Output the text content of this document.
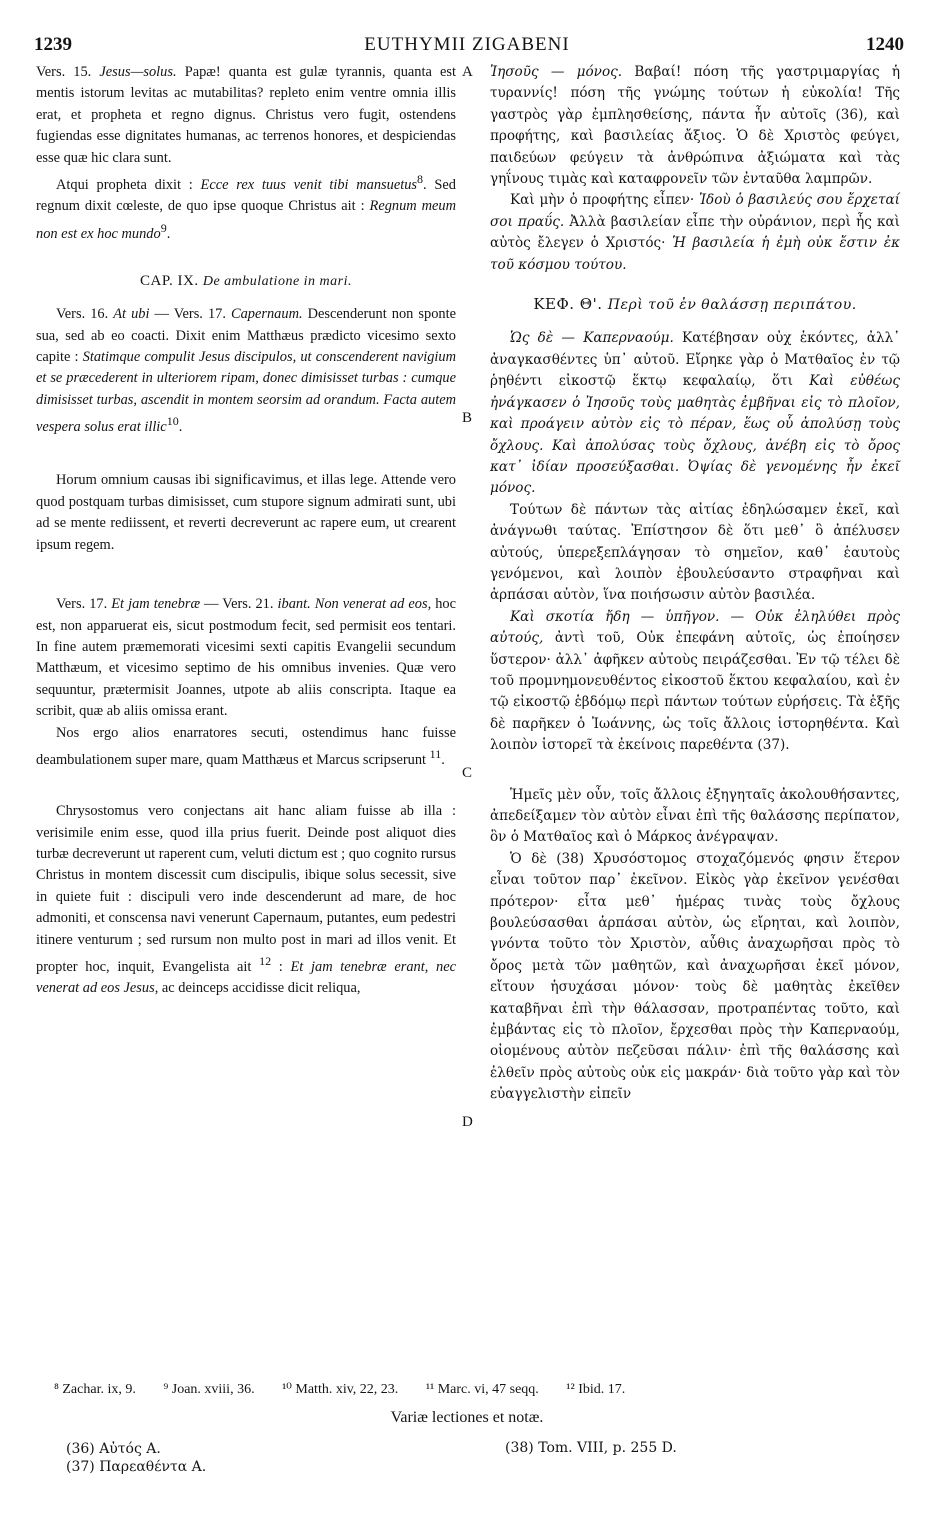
1239	EUTHYMII ZIGABENI	1240
A
B
C
D

Vers. 15. Jesus—solus. Papæ! quanta est gulæ tyrannis, quanta est mentis istorum levitas ac mutabilitas? repleto enim ventre omnia illis erat, et propheta et regno dignus. Christus vero fugit, ostendens fugiendas esse dignitates humanas, ac terrenos honores, et despiciendas esse quæ hic clara sunt.

Atqui propheta dixit : Ecce rex tuus venit tibi mansuetus$^8$. Sed regnum dixit cœleste, de quo ipse quoque Christus ait : Regnum meum non est ex hoc mundo$^9$.

CAP. IX. De ambulatione in mari.

Vers. 16. At ubi — Vers. 17. Capernaum. Descenderunt non sponte sua, sed ab eo coacti. Dixit enim Matthæus prædicto vicesimo sexto capite : Statimque compulit Jesus discipulos, ut conscenderent navigium et se præcederent in ulteriorem ripam, donec dimisisset turbas : cumque dimisisset turbas, ascendit in montem seorsim ad orandum. Facta autem vespera solus erat illic$^{10}$.

Horum omnium causas ibi significavimus, et illas lege. Attende vero quod postquam turbas dimisisset, cum stupore signum admirati sunt, ubi ad se mente rediissent, et reverti decreverunt ac rapere eum, ut crearent ipsum regem.

Vers. 17. Et jam tenebræ — Vers. 21. ibant. Non venerat ad eos, hoc est, non apparuerat eis, sicut postmodum fecit, sed permisit eos tentari. In fine autem præmemorati vicesimi sexti capitis Evangelii secundum Matthæum, et vicesimo septimo de his omnibus invenies. Quæ vero sequuntur, prætermisit Joannes, utpote ab aliis conscripta. Itaque ea scribit, quæ ab aliis omissa erant.

Nos ergo alios enarratores secuti, ostendimus hanc fuisse deambulationem super mare, quam Matthæus et Marcus scripserunt $^{11}$.

Chrysostomus vero conjectans ait hanc aliam fuisse ab illa : verisimile enim esse, quod illa prius fuerit. Deinde post aliquot dies turbæ decreverunt ut raperent cum, veluti dictum est ; quo cognito rursus Christus in montem discessit cum discipulis, ibique solus secessit, sive in quiete fuit : discipuli vero inde descenderunt ad mare, de hoc admoniti, et conscensa navi venerunt Capernaum, putantes, eum pedestri itinere venturum ; sed rursum non multo post in mari ad illos venit. Et propter hoc, inquit, Evangelista ait $^{12}$ : Et jam tenebræ erant, nec venerat ad eos Jesus, ac deinceps accidisse dicit reliqua,

Ἰησοῦς — μόνος. Βαβαί! πόση τῆς γαστριμαργίας ἡ τυραννίς! πόση τῆς γνώμης τούτων ἡ εὐκολία! Τῆς γαστρὸς γὰρ ἐμπλησθείσης, πάντα ἦν αὐτοῖς (36), καὶ προφήτης, καὶ βασιλείας ἄξιος. Ὁ δὲ Χριστὸς φεύγει, παιδεύων φεύγειν τὰ ἀνθρώπινα ἀξιώματα καὶ τὰς γηΐνους τιμὰς καὶ καταφρονεῖν τῶν ἐνταῦθα λαμπρῶν.

Καὶ μὴν ὁ προφήτης εἶπεν· Ἰδοὺ ὁ βασιλεύς σου ἔρχεταί σοι πραΰς. Ἀλλὰ βασιλείαν εἶπε τὴν οὐράνιον, περὶ ἧς καὶ αὐτὸς ἔλεγεν ὁ Χριστός· Ἡ βασιλεία ἡ ἐμὴ οὐκ ἔστιν ἐκ τοῦ κόσμου τούτου.

ΚΕΦ. Θ'. Περὶ τοῦ ἐν θαλάσσῃ περιπάτου.

Ὡς δὲ — Καπερναούμ. Κατέβησαν οὐχ ἑκόντες, ἀλλ᾽ ἀναγκασθέντες ὑπ᾽ αὐτοῦ. Εἴρηκε γὰρ ὁ Ματθαῖος ἐν τῷ ῥηθέντι εἰκοστῷ ἕκτῳ κεφαλαίῳ, ὅτι Καὶ εὐθέως ἠνάγκασεν ὁ Ἰησοῦς τοὺς μαθητὰς ἐμβῆναι εἰς τὸ πλοῖον, καὶ προάγειν αὐτὸν εἰς τὸ πέραν, ἕως οὗ ἀπολύσῃ τοὺς ὄχλους. Καὶ ἀπολύσας τοὺς ὄχλους, ἀνέβη εἰς τὸ ὄρος κατ᾽ ἰδίαν προσεύξασθαι. Ὀψίας δὲ γενομένης ἦν ἐκεῖ μόνος.

Τούτων δὲ πάντων τὰς αἰτίας ἐδηλώσαμεν ἐκεῖ, καὶ ἀνάγνωθι ταύτας. Ἐπίστησον δὲ ὅτι μεθ᾽ ὃ ἀπέλυσεν αὐτούς, ὑπερεξεπλάγησαν τὸ σημεῖον, καθ᾽ ἑαυτοὺς γενόμενοι, καὶ λοιπὸν ἐβουλεύσαντο στραφῆναι καὶ ἁρπάσαι αὐτὸν, ἵνα ποιήσωσιν αὐτὸν βασιλέα.

Καὶ σκοτία ἤδη — ὑπῆγον. — Οὐκ ἐληλύθει πρὸς αὐτούς, ἀντὶ τοῦ, Οὐκ ἐπεφάνη αὐτοῖς, ὡς ἐποίησεν ὕστερον· ἀλλ᾽ ἀφῆκεν αὐτοὺς πειράζεσθαι. Ἐν τῷ τέλει δὲ τοῦ προμνημονευθέντος εἰκοστοῦ ἕκτου κεφαλαίου, καὶ ἐν τῷ εἰκοστῷ ἑβδόμῳ περὶ πάντων τούτων εὑρήσεις. Τὰ ἑξῆς δὲ παρῆκεν ὁ Ἰωάννης, ὡς τοῖς ἄλλοις ἱστορηθέντα. Καὶ λοιπὸν ἱστορεῖ τὰ ἐκείνοις παρεθέντα (37).

Ἡμεῖς μὲν οὖν, τοῖς ἄλλοις ἐξηγηταῖς ἀκολουθήσαντες, ἀπεδείξαμεν τὸν αὐτὸν εἶναι ἐπὶ τῆς θαλάσσης περίπατον, ὃν ὁ Ματθαῖος καὶ ὁ Μάρκος ἀνέγραψαν.

Ὁ δὲ (38) Χρυσόστομος στοχαζόμενός φησιν ἕτερον εἶναι τοῦτον παρ᾽ ἐκεῖνον. Εἰκὸς γὰρ ἐκεῖνον γενέσθαι πρότερον· εἶτα μεθ᾽ ἡμέρας τινὰς τοὺς ὄχλους βουλεύσασθαι ἁρπάσαι αὐτὸν, ὡς εἴρηται, καὶ λοιπὸν, γνόντα τοῦτο τὸν Χριστὸν, αὖθις ἀναχωρῆσαι πρὸς τὸ ὄρος μετὰ τῶν μαθητῶν, καὶ ἀναχωρῆσαι ἐκεῖ μόνον, εἴτουν ἡσυχάσαι μόνον· τοὺς δὲ μαθητὰς ἐκεῖθεν καταβῆναι ἐπὶ τὴν θάλασσαν, προτραπέντας τοῦτο, καὶ ἐμβάντας εἰς τὸ πλοῖον, ἔρχεσθαι πρὸς τὴν Καπερναούμ, οἰομένους αὐτὸν πεζεῦσαι πάλιν· ἐπὶ τῆς θαλάσσης καὶ ἐλθεῖν πρὸς αὐτοὺς οὐκ εἰς μακράν· διὰ τοῦτο γὰρ καὶ τὸν εὐαγγελιστὴν εἰπεῖν

⁸ Zachar. ix, 9. ⁹ Joan. xviii, 36. ¹⁰ Matth. xiv, 22, 23. ¹¹ Marc. vi, 47 seqq. ¹² Ibid. 17.
Variæ lectiones et notæ.
(36) Αὐτός A.
(37) Παρεαθέντα A.
(38) Tom. VIII, p. 255 D.
